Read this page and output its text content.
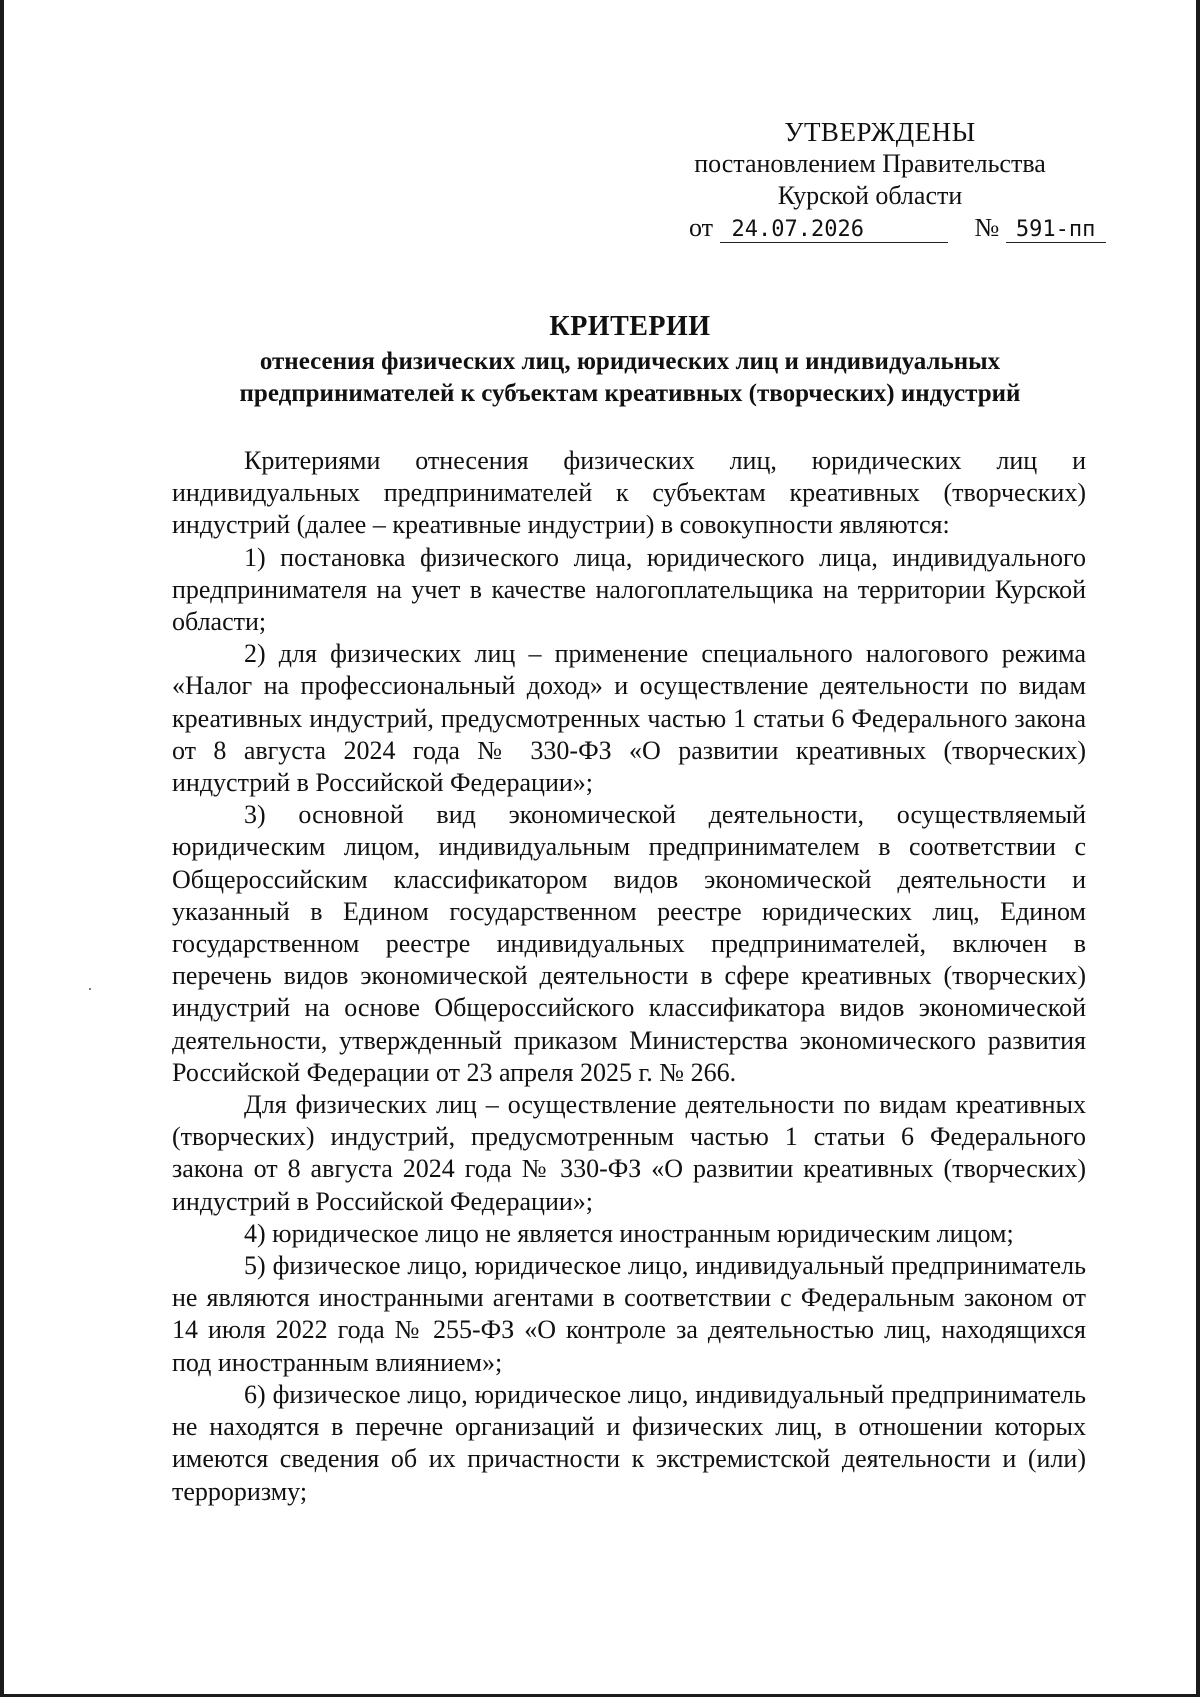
УТВЕРЖДЕНЫ
постановлением Правительства
Курской области
от 24.07.2026	№ 591-пп
КРИТЕРИИ
отнесения физических лиц, юридических лиц и индивидуальных
предпринимателей к субъектам креативных (творческих) индустрий

Критериями отнесения физических лиц, юридических лиц и индивидуальных предпринимателей к субъектам креативных (творческих) индустрий (далее – креативные индустрии) в совокупности являются:

1) постановка физического лица, юридического лица, индивидуального предпринимателя на учет в качестве налогоплательщика на территории Курской области;

2) для физических лиц – применение специального налогового режима «Налог на профессиональный доход» и осуществление деятельности по видам креативных индустрий, предусмотренных частью 1 статьи 6 Федерального закона от 8 августа 2024 года № 330-ФЗ «О развитии креативных (творческих) индустрий в Российской Федерации»;

3) основной вид экономической деятельности, осуществляемый юридическим лицом, индивидуальным предпринимателем в соответствии с Общероссийским классификатором видов экономической деятельности и указанный в Едином государственном реестре юридических лиц, Едином государственном реестре индивидуальных предпринимателей, включен в перечень видов экономической деятельности в сфере креативных (творческих) индустрий на основе Общероссийского классификатора видов экономической деятельности, утвержденный приказом Министерства экономического развития Российской Федерации от 23 апреля 2025 г. № 266.

Для физических лиц – осуществление деятельности по видам креативных (творческих) индустрий, предусмотренным частью 1 статьи 6 Федерального закона от 8 августа 2024 года № 330-ФЗ «О развитии креативных (творческих) индустрий в Российской Федерации»;

4) юридическое лицо не является иностранным юридическим лицом;

5) физическое лицо, юридическое лицо, индивидуальный предприниматель не являются иностранными агентами в соответствии с Федеральным законом от 14 июля 2022 года № 255-ФЗ «О контроле за деятельностью лиц, находящихся под иностранным влиянием»;

6) физическое лицо, юридическое лицо, индивидуальный предприниматель не находятся в перечне организаций и физических лиц, в отношении которых имеются сведения об их причастности к экстремистской деятельности и (или) терроризму;
